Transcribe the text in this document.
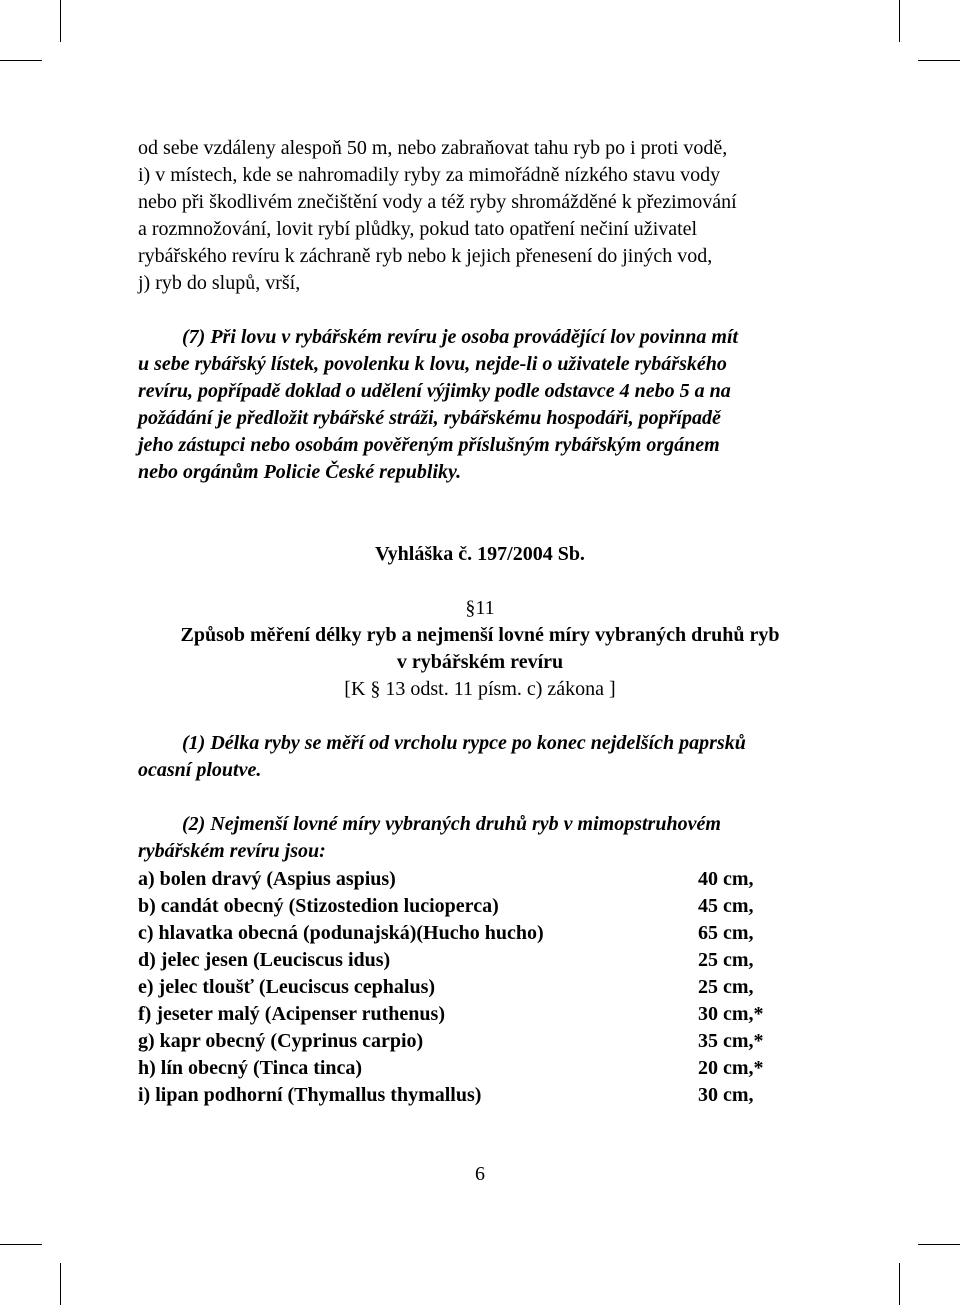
od sebe vzdáleny alespoň 50 m, nebo zabraňovat tahu ryb po i proti vodě,
i) v místech, kde se nahromadily ryby za mimořádně nízkého stavu vody
nebo při škodlivém znečištění vody a též ryby shromážděné k přezimování
a rozmnožování, lovit rybí plůdky, pokud tato opatření nečiní uživatel
rybářského revíru k záchraně ryb nebo k jejich přenesení do jiných vod,
j) ryb do slupů, vrší,
(7) Při lovu v rybářském revíru je osoba provádějící lov povinna mít
u sebe rybářský lístek, povolenku k lovu, nejde-li o uživatele rybářského
revíru, popřípadě doklad o udělení výjimky podle odstavce 4 nebo 5 a na
požádání je předložit rybářské stráži, rybářskému hospodáři, popřípadě
jeho zástupci nebo osobám pověřeným příslušným rybářským orgánem
nebo orgánům Policie České republiky.
Vyhláška č. 197/2004 Sb.
§11
Způsob měření délky ryb a nejmenší lovné míry vybraných druhů ryb
v rybářském revíru
[K § 13 odst. 11 písm. c) zákona ]
(1) Délka ryby se měří od vrcholu rypce po konec nejdelších paprsků
ocasní ploutve.
(2) Nejmenší lovné míry vybraných druhů ryb v mimopstruhovém
rybářském revíru jsou:
a) bolen dravý (Aspius aspius)	40 cm,
b) candát obecný (Stizostedion lucioperca)	45 cm,
c) hlavatka obecná (podunajská)(Hucho hucho)	65 cm,
d) jelec jesen (Leuciscus idus)	25 cm,
e) jelec tloušť (Leuciscus cephalus)	25 cm,
f) jeseter malý (Acipenser ruthenus)	30 cm,*
g) kapr obecný (Cyprinus carpio)	35 cm,*
h) lín obecný (Tinca tinca)	20 cm,*
i) lipan podhorní (Thymallus thymallus)	30 cm,
6
